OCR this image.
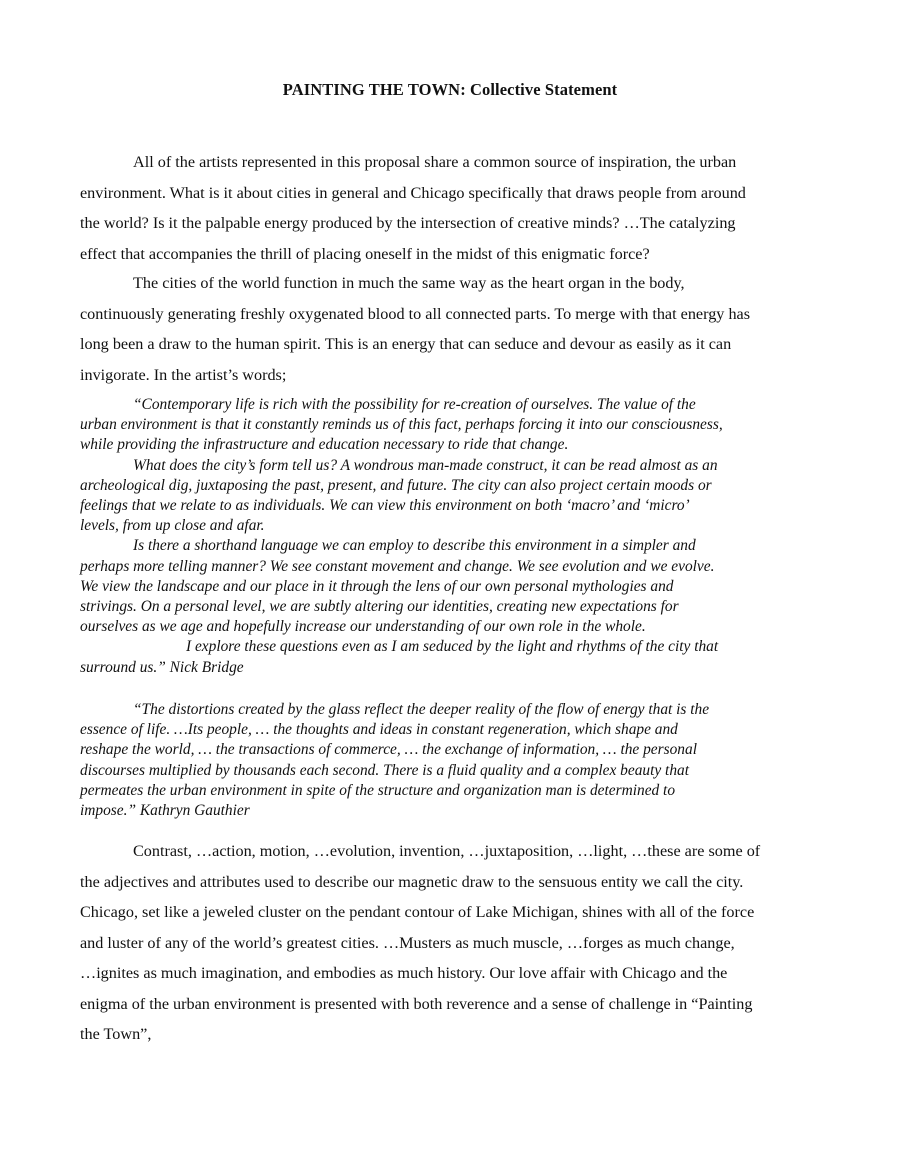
PAINTING THE TOWN: Collective Statement

All of the artists represented in this proposal share a common source of inspiration, the urban
environment. What is it about cities in general and Chicago specifically that draws people from around
the world? Is it the palpable energy produced by the intersection of creative minds? …The catalyzing
effect that accompanies the thrill of placing oneself in the midst of this enigmatic force?

The cities of the world function in much the same way as the heart organ in the body,
continuously generating freshly oxygenated blood to all connected parts. To merge with that energy has
long been a draw to the human spirit. This is an energy that can seduce and devour as easily as it can
invigorate. In the artist’s words;

“Contemporary life is rich with the possibility for re-creation of ourselves. The value of the
urban environment is that it constantly reminds us of this fact, perhaps forcing it into our consciousness,
while providing the infrastructure and education necessary to ride that change.
What does the city’s form tell us? A wondrous man-made construct, it can be read almost as an
archeological dig, juxtaposing the past, present, and future. The city can also project certain moods or
feelings that we relate to as individuals. We can view this environment on both ‘macro’ and ‘micro’
levels, from up close and afar.
Is there a shorthand language we can employ to describe this environment in a simpler and
perhaps more telling manner? We see constant movement and change. We see evolution and we evolve.
We view the landscape and our place in it through the lens of our own personal mythologies and
strivings. On a personal level, we are subtly altering our identities, creating new expectations for
ourselves as we age and hopefully increase our understanding of our own role in the whole.
I explore these questions even as I am seduced by the light and rhythms of the city that
surround us.” Nick Bridge
“The distortions created by the glass reflect the deeper reality of the flow of energy that is the
essence of life. …Its people, … the thoughts and ideas in constant regeneration, which shape and
reshape the world, … the transactions of commerce, … the exchange of information, … the personal
discourses multiplied by thousands each second. There is a fluid quality and a complex beauty that
permeates the urban environment in spite of the structure and organization man is determined to
impose.” Kathryn Gauthier

Contrast, …action, motion, …evolution, invention, …juxtaposition, …light, …these are some of
the adjectives and attributes used to describe our magnetic draw to the sensuous entity we call the city.
Chicago, set like a jeweled cluster on the pendant contour of Lake Michigan, shines with all of the force
and luster of any of the world’s greatest cities. …Musters as much muscle, …forges as much change,
…ignites as much imagination, and embodies as much history. Our love affair with Chicago and the
enigma of the urban environment is presented with both reverence and a sense of challenge in “Painting
the Town”,
